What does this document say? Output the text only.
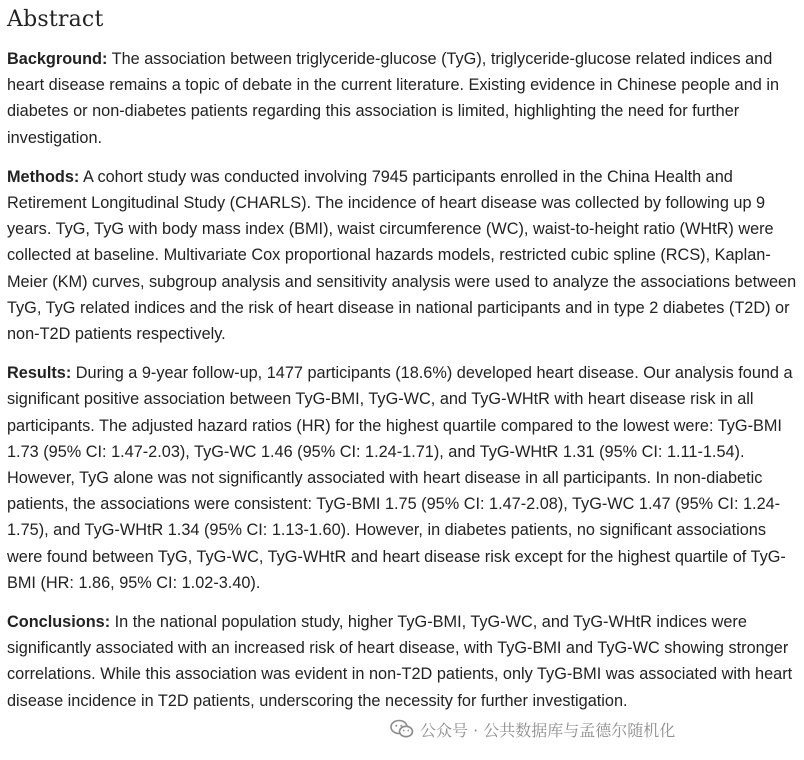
Abstract

Background: The association between triglyceride-glucose (TyG), triglyceride-glucose related indices and heart disease remains a topic of debate in the current literature. Existing evidence in Chinese people and in diabetes or non-diabetes patients regarding this association is limited, highlighting the need for further investigation.

Methods: A cohort study was conducted involving 7945 participants enrolled in the China Health and Retirement Longitudinal Study (CHARLS). The incidence of heart disease was collected by following up 9 years. TyG, TyG with body mass index (BMI), waist circumference (WC), waist-to-height ratio (WHtR) were collected at baseline. Multivariate Cox proportional hazards models, restricted cubic spline (RCS), Kaplan-Meier (KM) curves, subgroup analysis and sensitivity analysis were used to analyze the associations between TyG, TyG related indices and the risk of heart disease in national participants and in type 2 diabetes (T2D) or non-T2D patients respectively.

Results: During a 9-year follow-up, 1477 participants (18.6%) developed heart disease. Our analysis found a significant positive association between TyG-BMI, TyG-WC, and TyG-WHtR with heart disease risk in all participants. The adjusted hazard ratios (HR) for the highest quartile compared to the lowest were: TyG-BMI 1.73 (95% CI: 1.47-2.03), TyG-WC 1.46 (95% CI: 1.24-1.71), and TyG-WHtR 1.31 (95% CI: 1.11-1.54). However, TyG alone was not significantly associated with heart disease in all participants. In non-diabetic patients, the associations were consistent: TyG-BMI 1.75 (95% CI: 1.47-2.08), TyG-WC 1.47 (95% CI: 1.24-1.75), and TyG-WHtR 1.34 (95% CI: 1.13-1.60). However, in diabetes patients, no significant associations were found between TyG, TyG-WC, TyG-WHtR and heart disease risk except for the highest quartile of TyG-BMI (HR: 1.86, 95% CI: 1.02-3.40).

Conclusions: In the national population study, higher TyG-BMI, TyG-WC, and TyG-WHtR indices were significantly associated with an increased risk of heart disease, with TyG-BMI and TyG-WC showing stronger correlations. While this association was evident in non-T2D patients, only TyG-BMI was associated with heart disease incidence in T2D patients, underscoring the necessity for further investigation.

公众号 · 公共数据库与孟德尔随机化
